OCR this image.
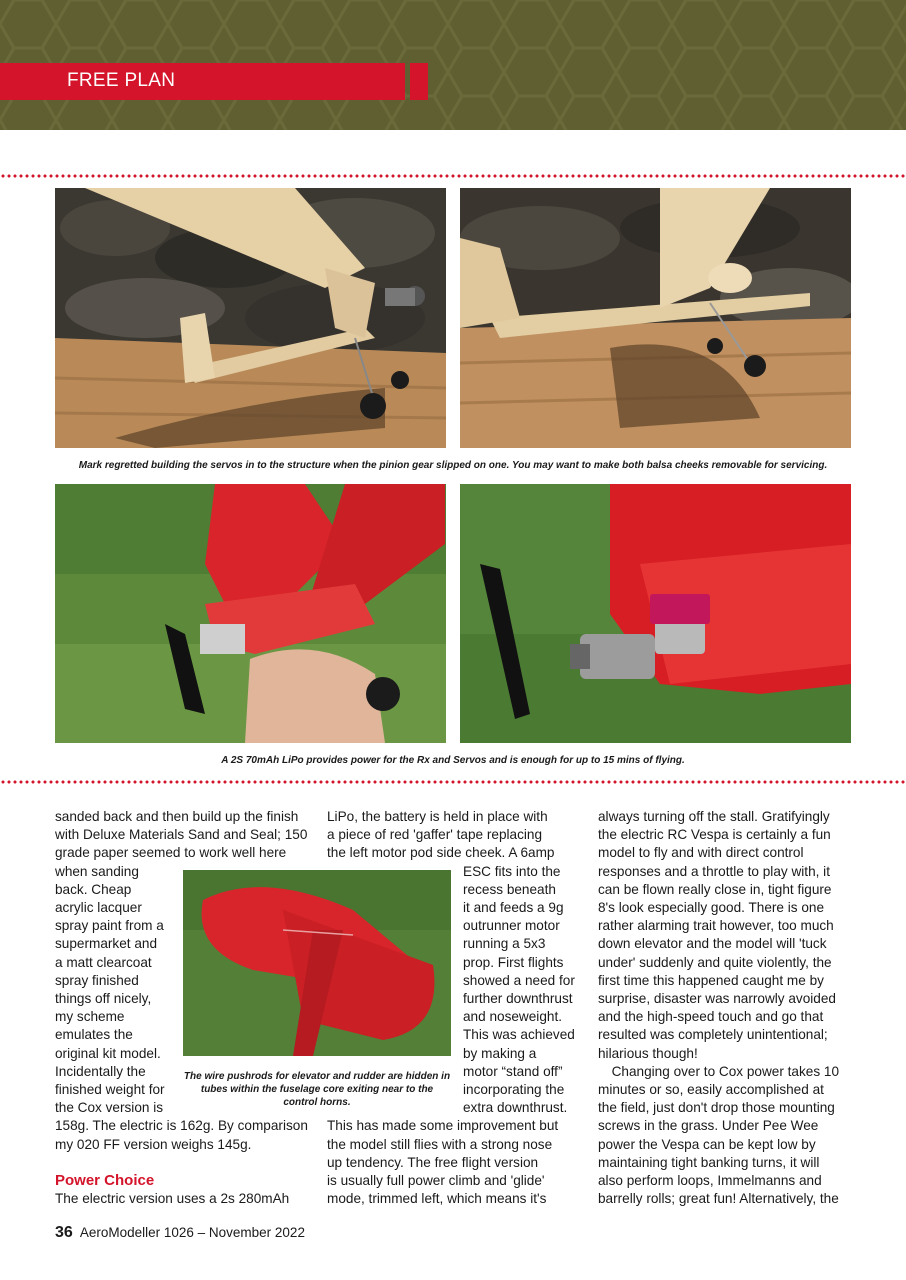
FREE PLAN
Mark regretted building the servos in to the structure when the pinion gear slipped on one. You may want to make both balsa cheeks removable for servicing.
A 2S 70mAh LiPo provides power for the Rx and Servos and is enough for up to 15 mins of flying.
The wire pushrods for elevator and rudder are hidden in tubes within the fuselage core exiting near to the control horns.

sanded back and then build up the finish

with Deluxe Materials Sand and Seal; 150

grade paper seemed to work well here

when sanding

back. Cheap

acrylic lacquer

spray paint from a

supermarket and

a matt clearcoat

spray finished

things off nicely,

my scheme

emulates the

original kit model.

Incidentally the

finished weight for

the Cox version is

158g. The electric is 162g. By comparison

my 020 FF version weighs 145g.

Power Choice

The electric version uses a 2s 280mAh

LiPo, the battery is held in place with

a piece of red 'gaffer' tape replacing

the left motor pod side cheek. A 6amp

ESC fits into the

recess beneath

it and feeds a 9g

outrunner motor

running a 5x3

prop. First flights

showed a need for

further downthrust

and noseweight.

This was achieved

by making a

motor “stand off”

incorporating the

extra downthrust.

This has made some improvement but

the model still flies with a strong nose

up tendency. The free flight version

is usually full power climb and 'glide'

mode, trimmed left, which means it's

always turning off the stall. Gratifyingly

the electric RC Vespa is certainly a fun

model to fly and with direct control

responses and a throttle to play with, it

can be flown really close in, tight figure

8's look especially good. There is one

rather alarming trait however, too much

down elevator and the model will 'tuck

under' suddenly and quite violently, the

first time this happened caught me by

surprise, disaster was narrowly avoided

and the high-speed touch and go that

resulted was completely unintentional;

hilarious though!

 Changing over to Cox power takes 10

minutes or so, easily accomplished at

the field, just don't drop those mounting

screws in the grass. Under Pee Wee

power the Vespa can be kept low by

maintaining tight banking turns, it will

also perform loops, Immelmanns and

barrelly rolls; great fun! Alternatively, the

36 AeroModeller 1026 – November 2022
